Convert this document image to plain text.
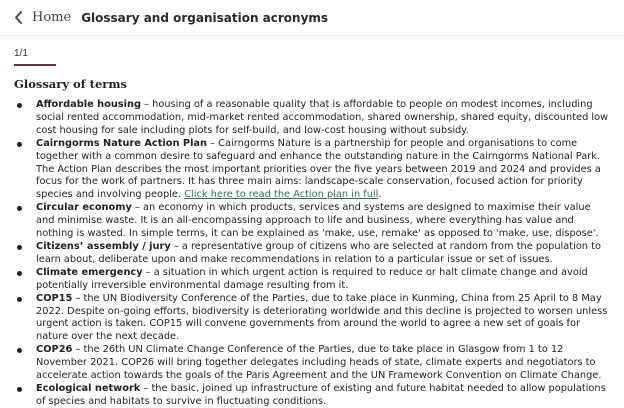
Home Glossary and organisation acronyms
1/1
Glossary of terms
Affordable housing – housing of a reasonable quality that is affordable to people on modest incomes, including social rented accommodation, mid-market rented accommodation, shared ownership, shared equity, discounted low cost housing for sale including plots for self-build, and low-cost housing without subsidy.
Cairngorms Nature Action Plan – Cairngorms Nature is a partnership for people and organisations to come together with a common desire to safeguard and enhance the outstanding nature in the Cairngorms National Park. The Action Plan describes the most important priorities over the five years between 2019 and 2024 and provides a focus for the work of partners. It has three main aims: landscape-scale conservation, focused action for priority species and involving people. Click here to read the Action plan in full.
Circular economy – an economy in which products, services and systems are designed to maximise their value and minimise waste. It is an all-encompassing approach to life and business, where everything has value and nothing is wasted. In simple terms, it can be explained as 'make, use, remake' as opposed to 'make, use, dispose'.
Citizens’ assembly / jury – a representative group of citizens who are selected at random from the population to learn about, deliberate upon and make recommendations in relation to a particular issue or set of issues.
Climate emergency – a situation in which urgent action is required to reduce or halt climate change and avoid potentially irreversible environmental damage resulting from it.
COP15 – the UN Biodiversity Conference of the Parties, due to take place in Kunming, China from 25 April to 8 May 2022. Despite on-going efforts, biodiversity is deteriorating worldwide and this decline is projected to worsen unless urgent action is taken. COP15 will convene governments from around the world to agree a new set of goals for nature over the next decade.
COP26 – the 26th UN Climate Change Conference of the Parties, due to take place in Glasgow from 1 to 12 November 2021. COP26 will bring together delegates including heads of state, climate experts and negotiators to accelerate action towards the goals of the Paris Agreement and the UN Framework Convention on Climate Change.
Ecological network – the basic, joined up infrastructure of existing and future habitat needed to allow populations of species and habitats to survive in fluctuating conditions.
